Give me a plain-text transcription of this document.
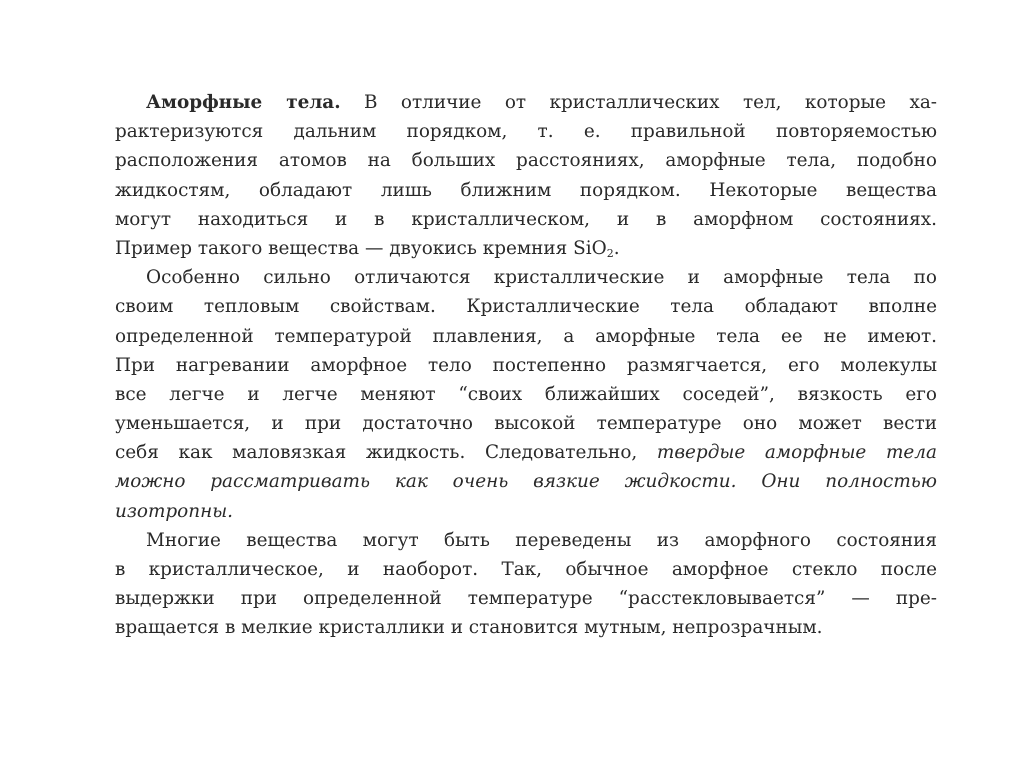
Аморфные тела. В отличие от кристаллических тел, которые ха-
рактеризуются дальним порядком, т. е. правильной повторяемостью
расположения атомов на больших расстояниях, аморфные тела, подобно
жидкостям, обладают лишь ближним порядком. Некоторые вещества
могут находиться и в кристаллическом, и в аморфном состояниях.
Пример такого вещества — двуокись кремния SiO$_2$.
Особенно сильно отличаются кристаллические и аморфные тела по
своим тепловым свойствам. Кристаллические тела обладают вполне
определенной температурой плавления, а аморфные тела ее не имеют.
При нагревании аморфное тело постепенно размягчается, его молекулы
все легче и легче меняют “своих ближайших соседей”, вязкость его
уменьшается, и при достаточно высокой температуре оно может вести
себя как маловязкая жидкость. Следовательно, твердые аморфные тела
можно рассматривать как очень вязкие жидкости. Они полностью
изотропны.
Многие вещества могут быть переведены из аморфного состояния
в кристаллическое, и наоборот. Так, обычное аморфное стекло после
выдержки при определенной температуре “расстекловывается” — пре-
вращается в мелкие кристаллики и становится мутным, непрозрачным.
